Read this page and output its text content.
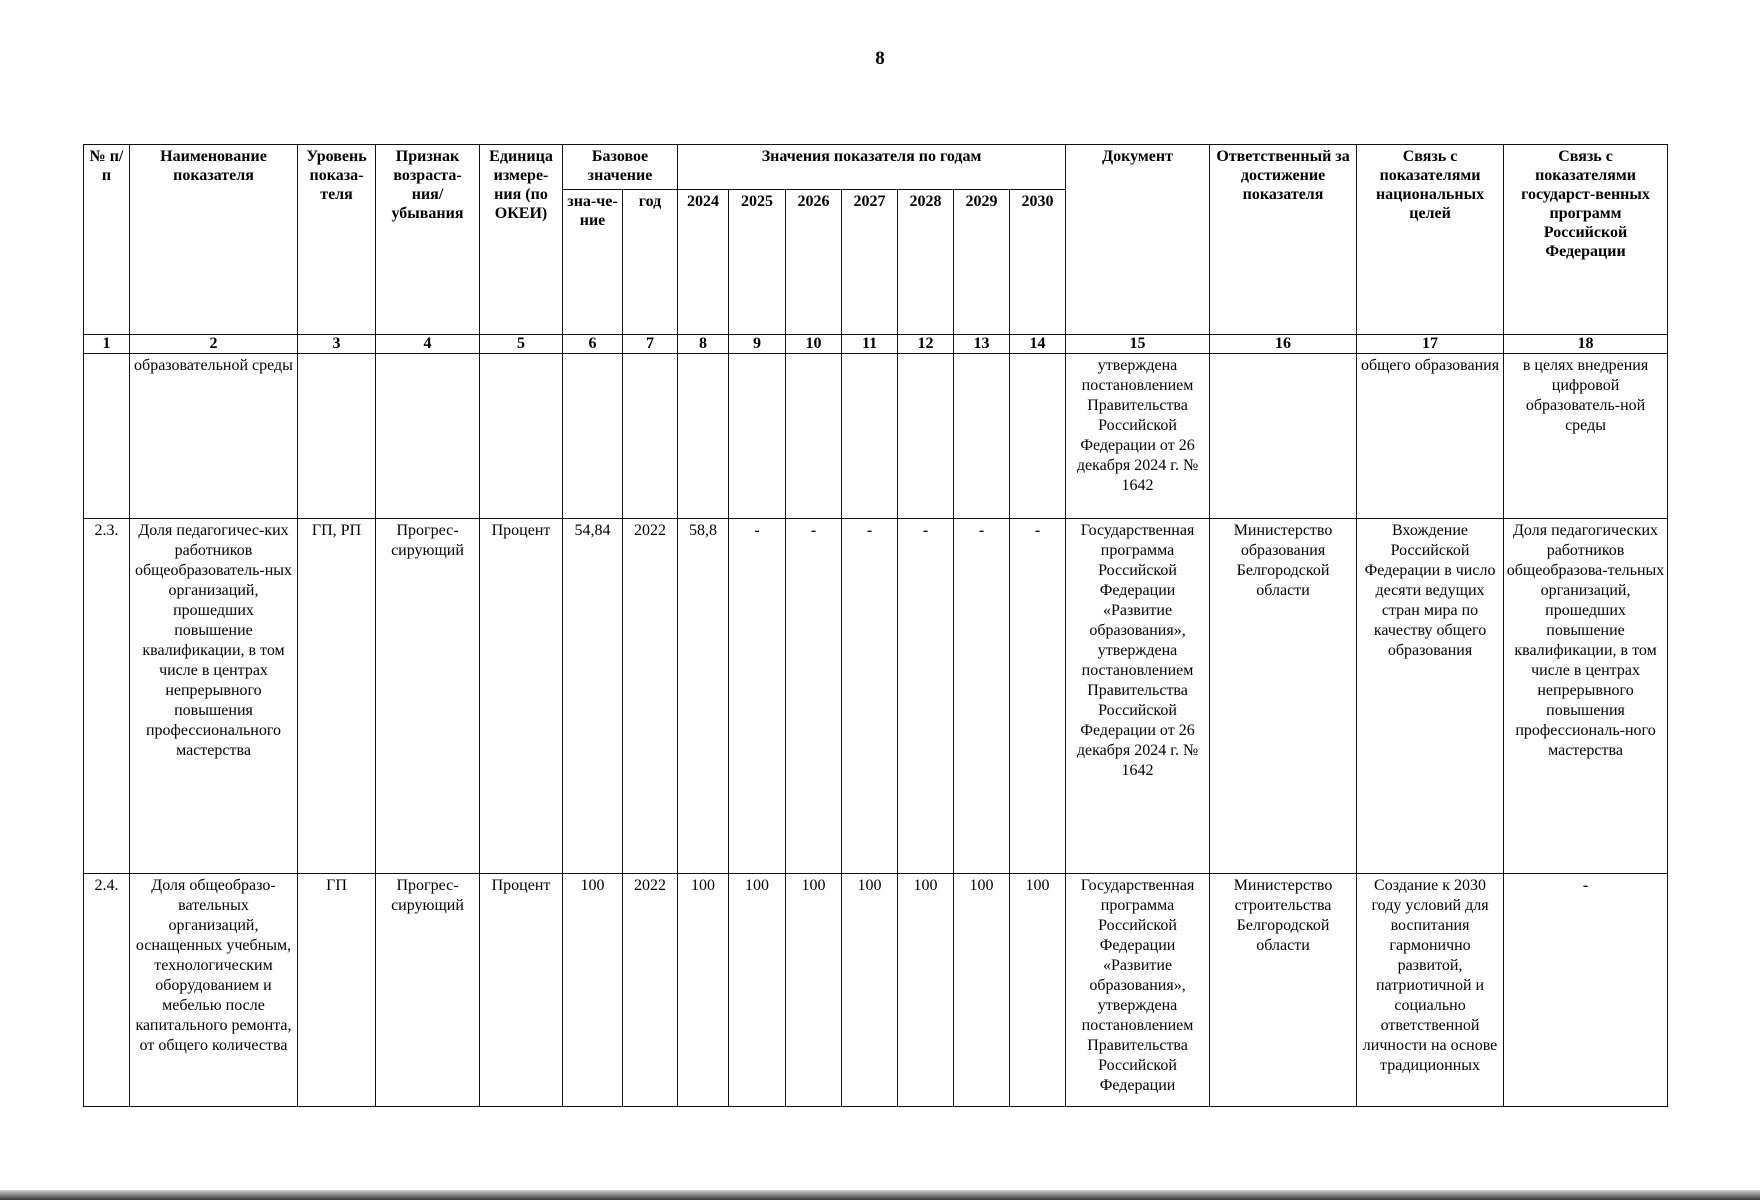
8
№ п/п	Наименование показателя	Уровень показа-теля	Признак возраста-ния/ убывания	Единица измере-ния (по ОКЕИ)	Базовое значение		Значения показателя по годам							Документ	Ответственный за достижение показателя	Связь с показателями национальных целей	Связь с показателями государст-венных программ Российской Федерации
					зна-че-ние	год	2024	2025	2026	2027	2028	2029	2030				
1	2	3	4	5	6	7	8	9	10	11	12	13	14	15	16	17	18
	образовательной среды													утверждена постановлением Правительства Российской Федерации от 26 декабря 2024 г. № 1642		общего образования	в целях внедрения цифровой образователь-ной среды
2.3.	Доля педагогичес-ких работников общеобразователь-ных организаций, прошедших повышение квалификации, в том числе в центрах непрерывного повышения профессионального мастерства	ГП, РП	Прогрес-сирующий	Процент	54,84	2022	58,8	-	-	-	-	-	-	Государственная программа Российской Федерации «Развитие образования», утверждена постановлением Правительства Российской Федерации от 26 декабря 2024 г. № 1642	Министерство образования Белгородской области	Вхождение Российской Федерации в число десяти ведущих стран мира по качеству общего образования	Доля педагогических работников общеобразова-тельных организаций, прошедших повышение квалификации, в том числе в центрах непрерывного повышения профессиональ-ного мастерства
2.4.	Доля общеобразо-вательных организаций, оснащенных учебным, технологическим оборудованием и мебелью после капитального ремонта, от общего количества	ГП	Прогрес-сирующий	Процент	100	2022	100	100	100	100	100	100	100	Государственная программа Российской Федерации «Развитие образования», утверждена постановлением Правительства Российской Федерации	Министерство строительства Белгородской области	Создание к 2030 году условий для воспитания гармонично развитой, патриотичной и социально ответственной личности на основе традиционных	-
